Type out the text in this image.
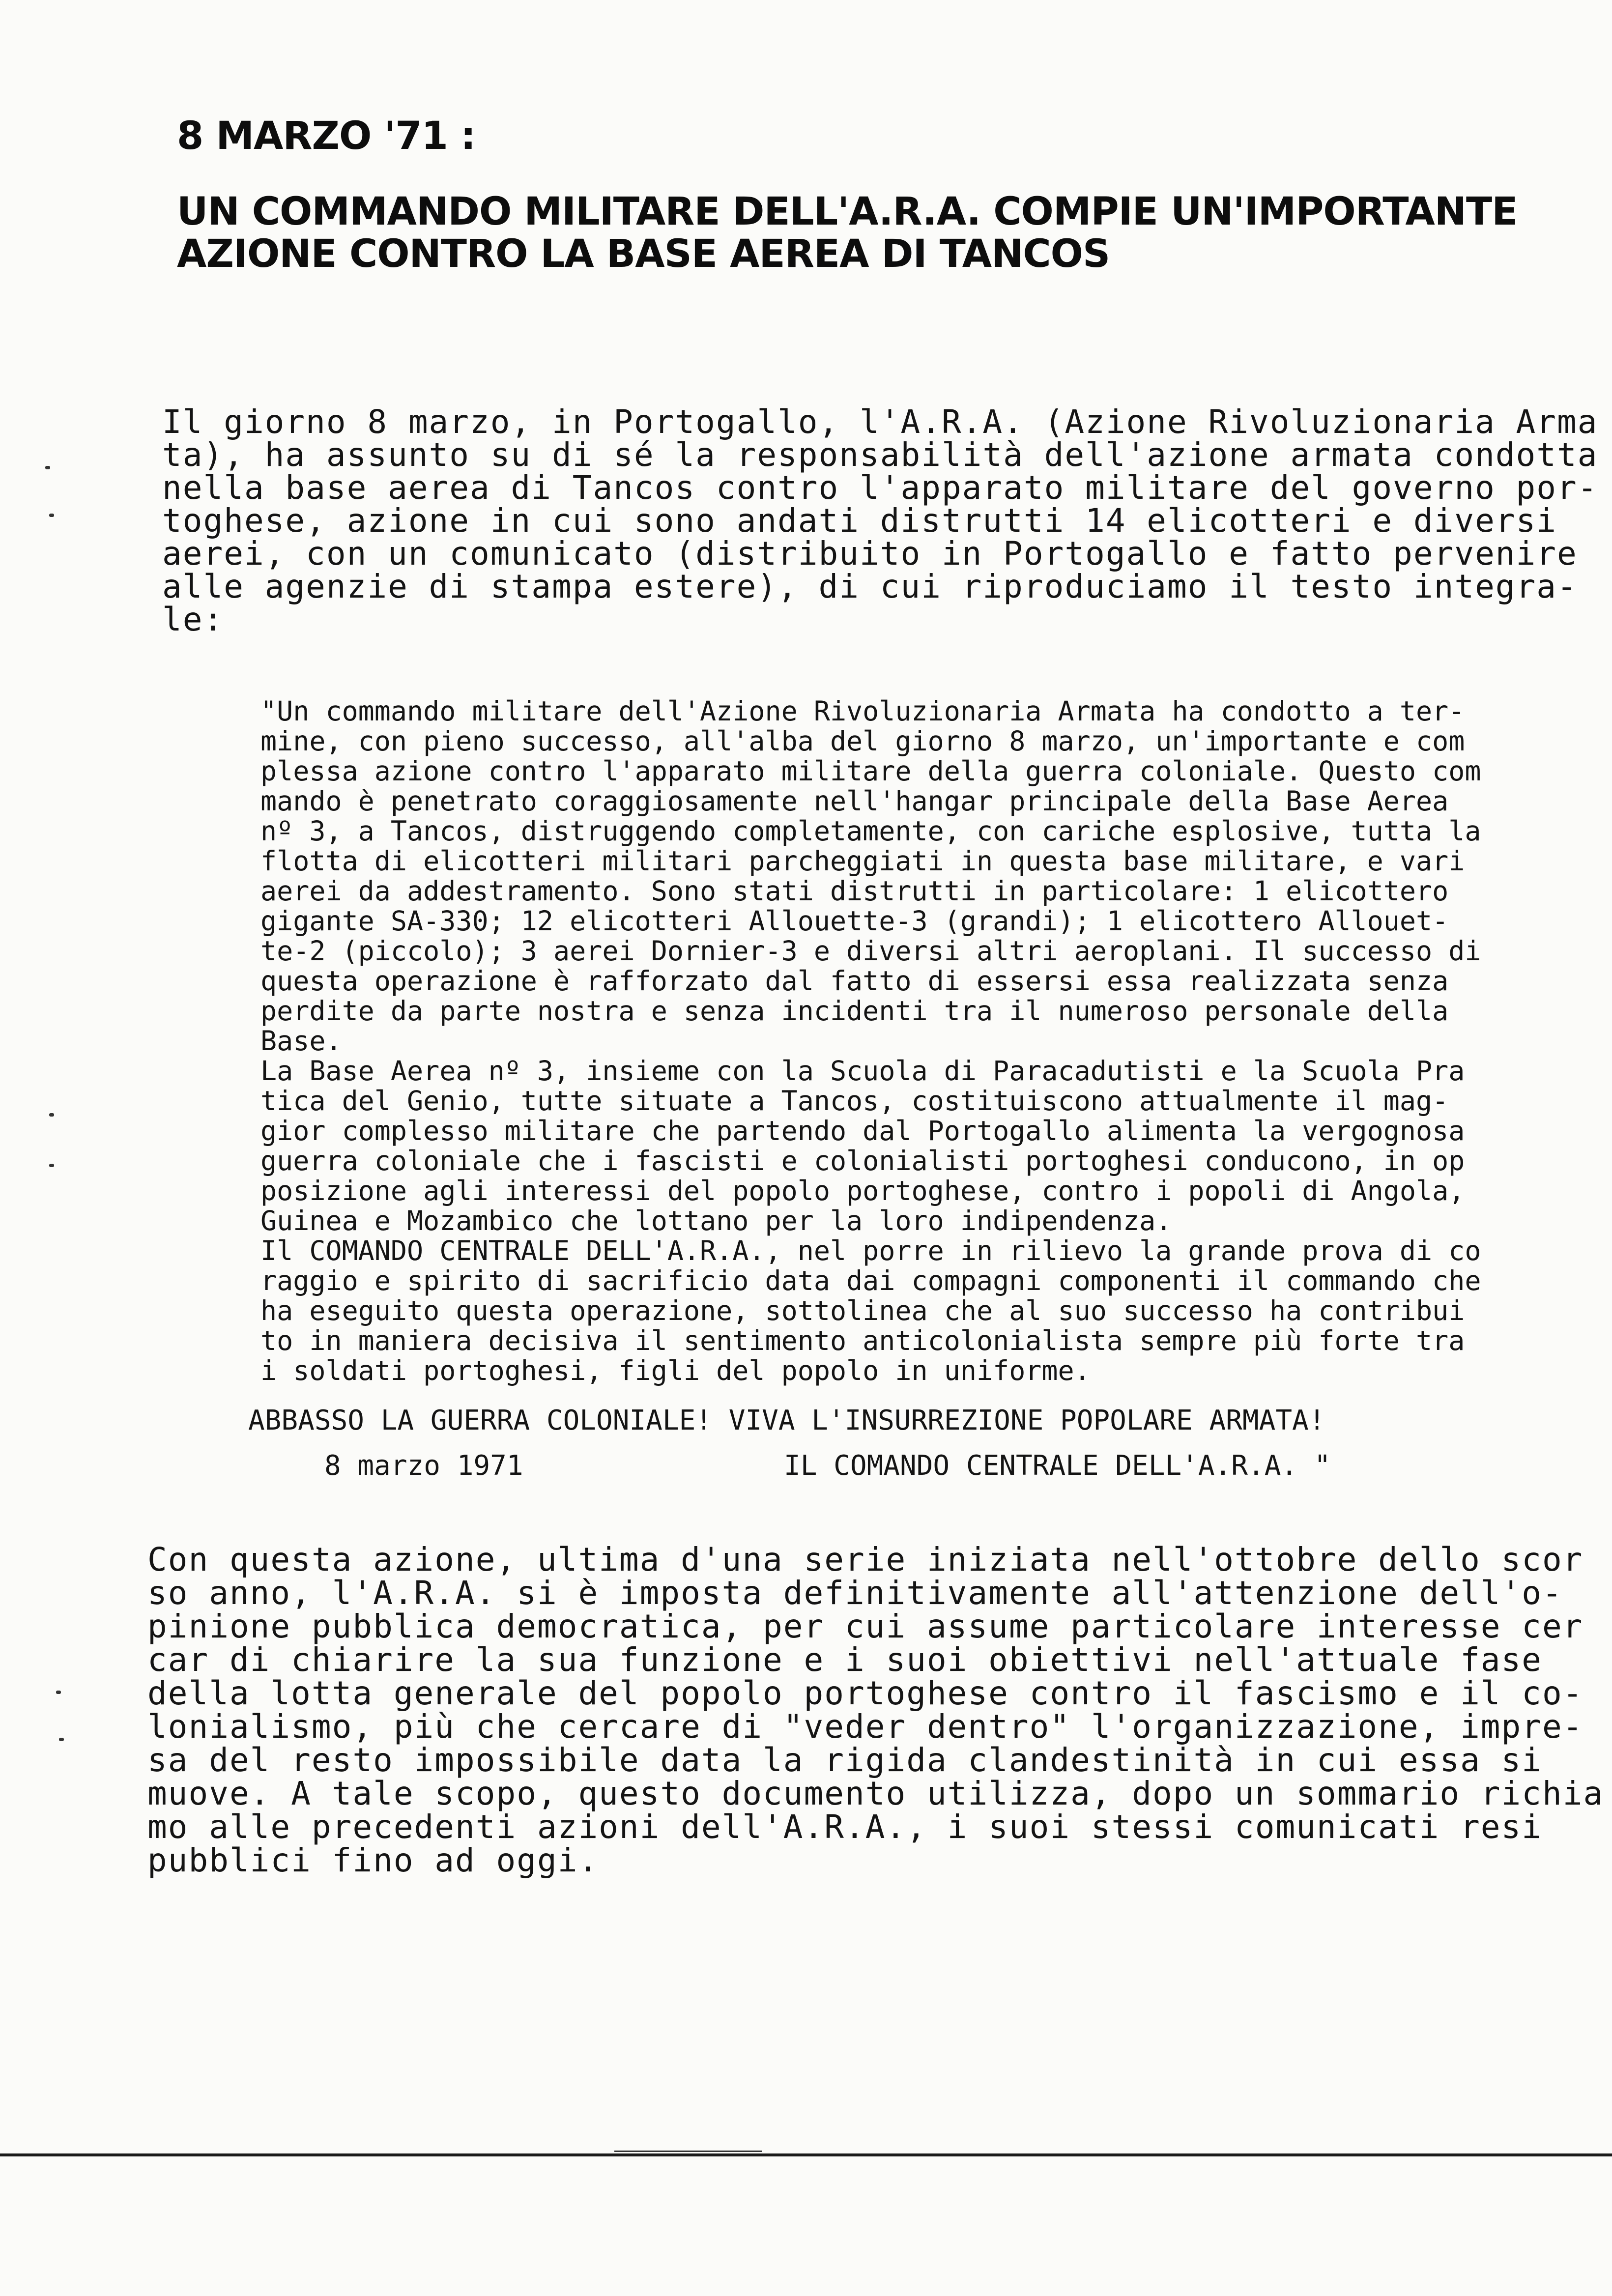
8 MARZO '71 :
UN COMMANDO MILITARE DELL'A.R.A. COMPIE UN'IMPORTANTE
AZIONE CONTRO LA BASE AEREA DI TANCOS
Il giorno 8 marzo, in Portogallo, l'A.R.A. (Azione Rivoluzionaria Arma
ta), ha assunto su di sé la responsabilità dell'azione armata condotta
nella base aerea di Tancos contro l'apparato militare del governo por-
toghese, azione in cui sono andati distrutti 14 elicotteri e diversi
aerei, con un comunicato (distribuito in Portogallo e fatto pervenire
alle agenzie di stampa estere), di cui riproduciamo il testo integra-
le:
"Un commando militare dell'Azione Rivoluzionaria Armata ha condotto a ter-
mine, con pieno successo, all'alba del giorno 8 marzo, un'importante e com
plessa azione contro l'apparato militare della guerra coloniale. Questo com
mando è penetrato coraggiosamente nell'hangar principale della Base Aerea
nº 3, a Tancos, distruggendo completamente, con cariche esplosive, tutta la
flotta di elicotteri militari parcheggiati in questa base militare, e vari
aerei da addestramento. Sono stati distrutti in particolare: 1 elicottero
gigante SA-330; 12 elicotteri Allouette-3 (grandi); 1 elicottero Allouet-
te-2 (piccolo); 3 aerei Dornier-3 e diversi altri aeroplani. Il successo di
questa operazione è rafforzato dal fatto di essersi essa realizzata senza
perdite da parte nostra e senza incidenti tra il numeroso personale della
Base.
La Base Aerea nº 3, insieme con la Scuola di Paracadutisti e la Scuola Pra
tica del Genio, tutte situate a Tancos, costituiscono attualmente il mag-
gior complesso militare che partendo dal Portogallo alimenta la vergognosa
guerra coloniale che i fascisti e colonialisti portoghesi conducono, in op
posizione agli interessi del popolo portoghese, contro i popoli di Angola,
Guinea e Mozambico che lottano per la loro indipendenza.
Il COMANDO CENTRALE DELL'A.R.A., nel porre in rilievo la grande prova di co
raggio e spirito di sacrificio data dai compagni componenti il commando che
ha eseguito questa operazione, sottolinea che al suo successo ha contribui
to in maniera decisiva il sentimento anticolonialista sempre più forte tra
i soldati portoghesi, figli del popolo in uniforme.
ABBASSO LA GUERRA COLONIALE! VIVA L'INSURREZIONE POPOLARE ARMATA!
8 marzo 1971	IL COMANDO CENTRALE DELL'A.R.A. "
Con questa azione, ultima d'una serie iniziata nell'ottobre dello scor
so anno, l'A.R.A. si è imposta definitivamente all'attenzione dell'o-
pinione pubblica democratica, per cui assume particolare interesse cer
car di chiarire la sua funzione e i suoi obiettivi nell'attuale fase
della lotta generale del popolo portoghese contro il fascismo e il co-
lonialismo, più che cercare di "veder dentro" l'organizzazione, impre-
sa del resto impossibile data la rigida clandestinità in cui essa si
muove. A tale scopo, questo documento utilizza, dopo un sommario richia
mo alle precedenti azioni dell'A.R.A., i suoi stessi comunicati resi
pubblici fino ad oggi.
